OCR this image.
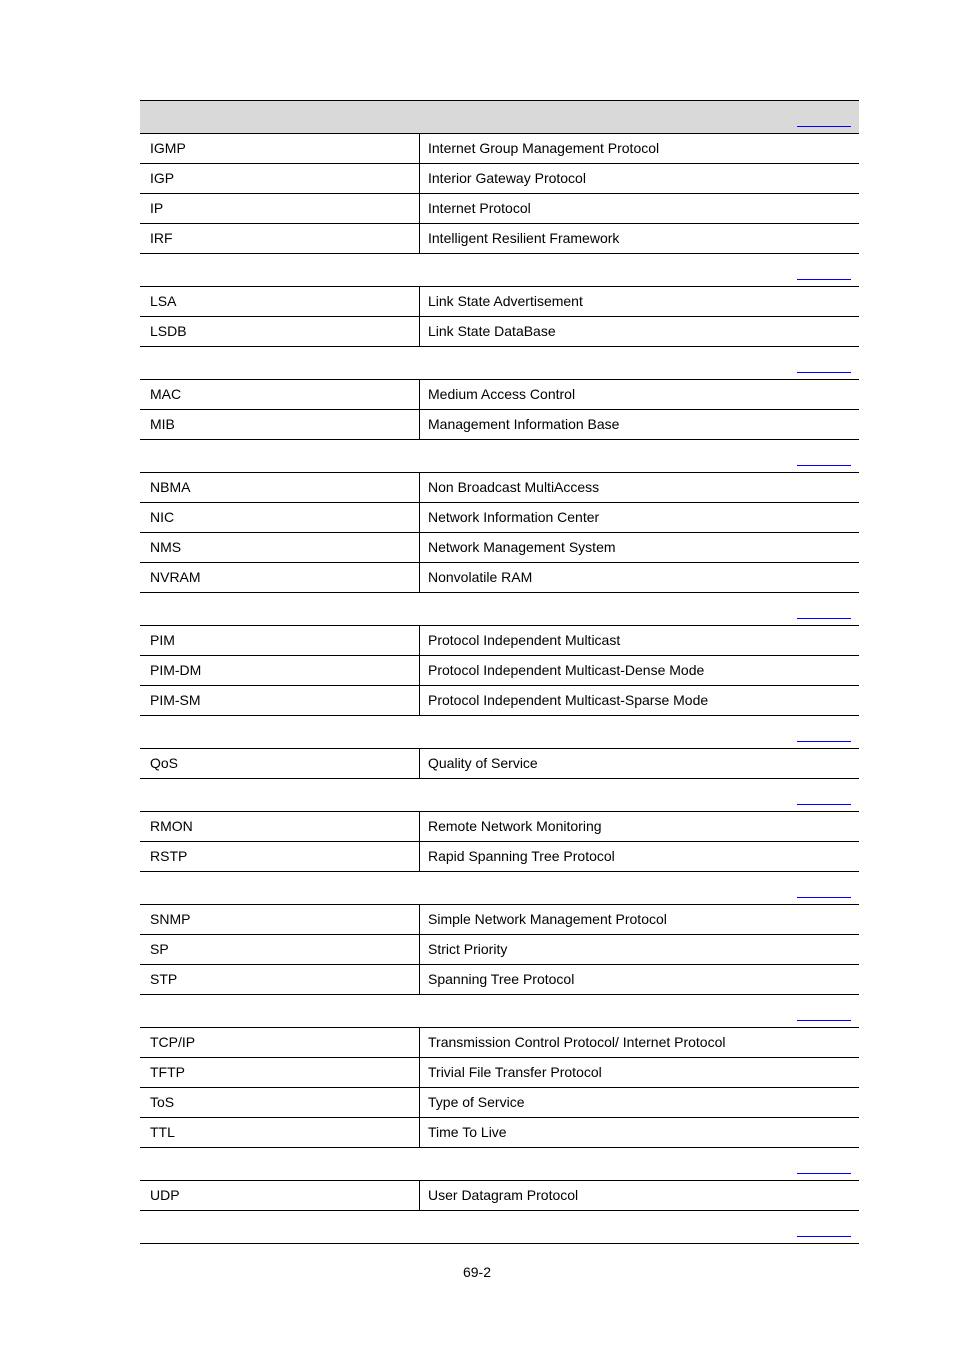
IGMP	Internet Group Management Protocol
IGP	Interior Gateway Protocol
IP	Internet Protocol
IRF	Intelligent Resilient Framework
LSA	Link State Advertisement
LSDB	Link State DataBase
MAC	Medium Access Control
MIB	Management Information Base
NBMA	Non Broadcast MultiAccess
NIC	Network Information Center
NMS	Network Management System
NVRAM	Nonvolatile RAM
PIM	Protocol Independent Multicast
PIM-DM	Protocol Independent Multicast-Dense Mode
PIM-SM	Protocol Independent Multicast-Sparse Mode
QoS	Quality of Service
RMON	Remote Network Monitoring
RSTP	Rapid Spanning Tree Protocol
SNMP	Simple Network Management Protocol
SP	Strict Priority
STP	Spanning Tree Protocol
TCP/IP	Transmission Control Protocol/ Internet Protocol
TFTP	Trivial File Transfer Protocol
ToS	Type of Service
TTL	Time To Live
UDP	User Datagram Protocol
69-2
